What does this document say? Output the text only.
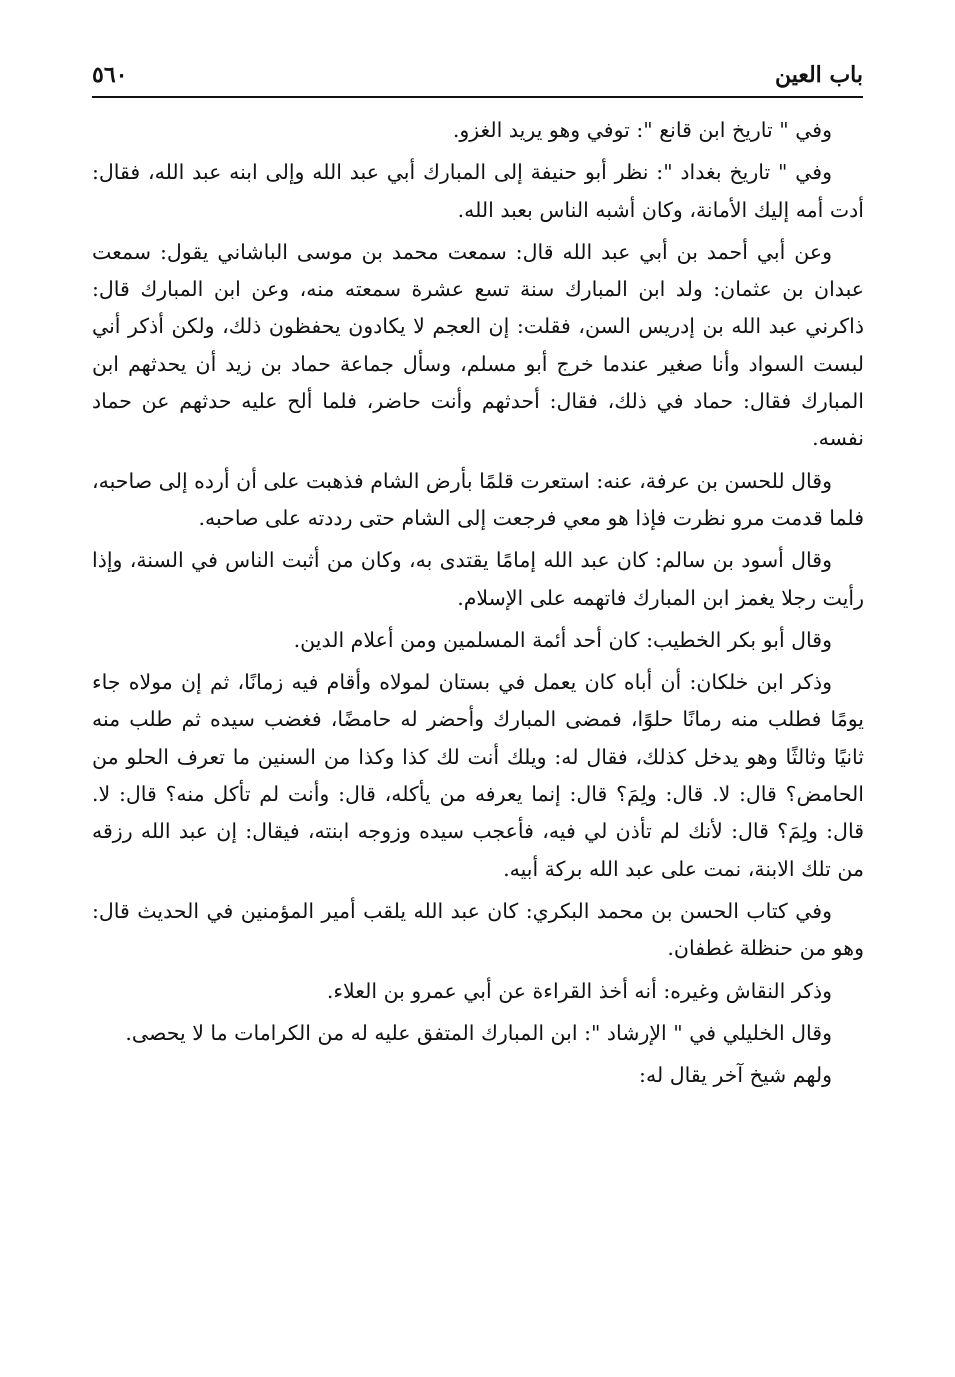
باب العين
٥٦٠

وفي " تاريخ ابن قانع ": توفي وهو يريد الغزو.

وفي " تاريخ بغداد ": نظر أبو حنيفة إلى المبارك أبي عبد الله وإلى ابنه عبد الله، فقال: أدت أمه إليك الأمانة، وكان أشبه الناس بعبد الله.

وعن أبي أحمد بن أبي عبد الله قال: سمعت محمد بن موسى الباشاني يقول: سمعت عبدان بن عثمان: ولد ابن المبارك سنة تسع عشرة سمعته منه، وعن ابن المبارك قال: ذاكرني عبد الله بن إدريس السن، فقلت: إن العجم لا يكادون يحفظون ذلك، ولكن أذكر أني لبست السواد وأنا صغير عندما خرج أبو مسلم، وسأل جماعة حماد بن زيد أن يحدثهم ابن المبارك فقال: حماد في ذلك، فقال: أحدثهم وأنت حاضر، فلما ألح عليه حدثهم عن حماد نفسه.

وقال للحسن بن عرفة، عنه: استعرت قلمًا بأرض الشام فذهبت على أن أرده إلى صاحبه، فلما قدمت مرو نظرت فإذا هو معي فرجعت إلى الشام حتى رددته على صاحبه.

وقال أسود بن سالم: كان عبد الله إمامًا يقتدى به، وكان من أثبت الناس في السنة، وإذا رأيت رجلا يغمز ابن المبارك فاتهمه على الإسلام.

وقال أبو بكر الخطيب: كان أحد أئمة المسلمين ومن أعلام الدين.

وذكر ابن خلكان: أن أباه كان يعمل في بستان لمولاه وأقام فيه زمانًا، ثم إن مولاه جاء يومًا فطلب منه رمانًا حلوًا، فمضى المبارك وأحضر له حامضًا، فغضب سيده ثم طلب منه ثانيًا وثالثًا وهو يدخل كذلك، فقال له: ويلك أنت لك كذا وكذا من السنين ما تعرف الحلو من الحامض؟ قال: لا. قال: ولِمَ؟ قال: إنما يعرفه من يأكله، قال: وأنت لم تأكل منه؟ قال: لا. قال: ولِمَ؟ قال: لأنك لم تأذن لي فيه، فأعجب سيده وزوجه ابنته، فيقال: إن عبد الله رزقه من تلك الابنة، نمت على عبد الله بركة أبيه.

وفي كتاب الحسن بن محمد البكري: كان عبد الله يلقب أمير المؤمنين في الحديث قال: وهو من حنظلة غطفان.

وذكر النقاش وغيره: أنه أخذ القراءة عن أبي عمرو بن العلاء.

وقال الخليلي في " الإرشاد ": ابن المبارك المتفق عليه له من الكرامات ما لا يحصى.

ولهم شيخ آخر يقال له:
